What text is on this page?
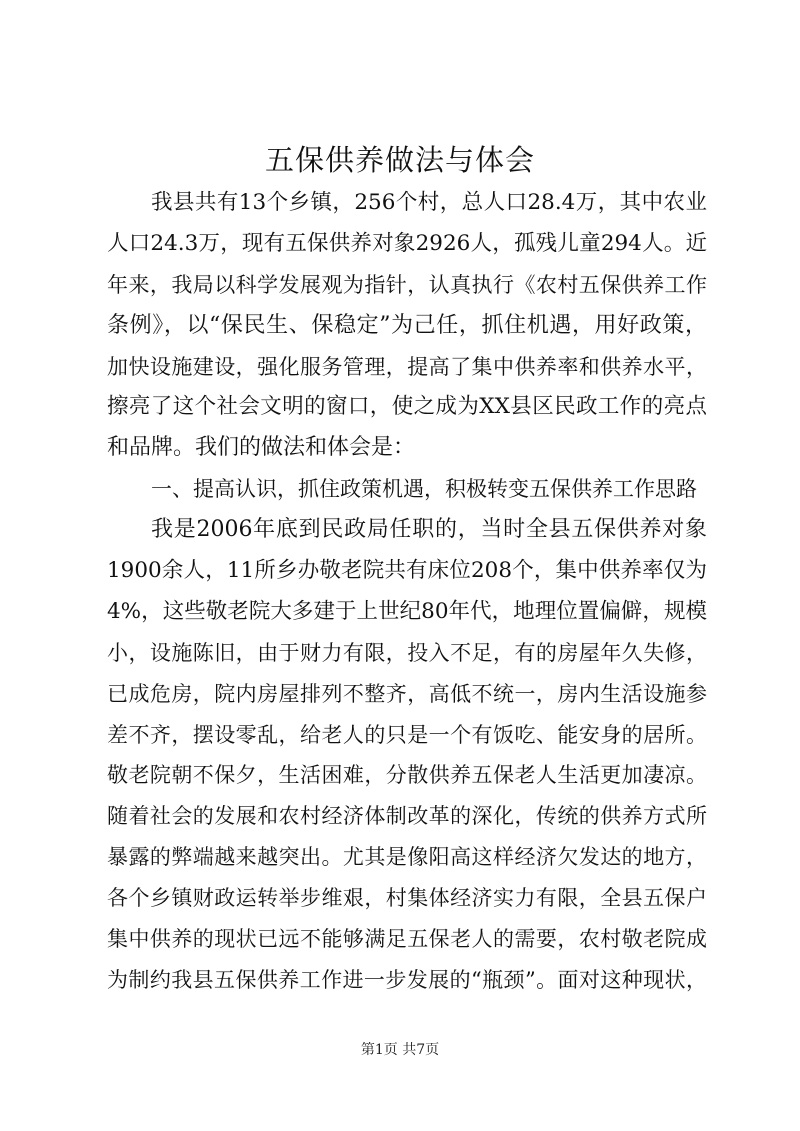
五保供养做法与体会
我县共有13个乡镇，256个村，总人口28.4万，其中农业
人口24.3万，现有五保供养对象2926人，孤残儿童294人。近
年来，我局以科学发展观为指针，认真执行《农村五保供养工作
条例》，以“保民生、保稳定”为己任，抓住机遇，用好政策，
加快设施建设，强化服务管理，提高了集中供养率和供养水平，
擦亮了这个社会文明的窗口，使之成为XX县区民政工作的亮点
和品牌。我们的做法和体会是：
一、提高认识，抓住政策机遇，积极转变五保供养工作思路
我是2006年底到民政局任职的，当时全县五保供养对象
1900余人，11所乡办敬老院共有床位208个，集中供养率仅为
4%，这些敬老院大多建于上世纪80年代，地理位置偏僻，规模
小，设施陈旧，由于财力有限，投入不足，有的房屋年久失修，
已成危房，院内房屋排列不整齐，高低不统一，房内生活设施参
差不齐，摆设零乱，给老人的只是一个有饭吃、能安身的居所。
敬老院朝不保夕，生活困难，分散供养五保老人生活更加凄凉。
随着社会的发展和农村经济体制改革的深化，传统的供养方式所
暴露的弊端越来越突出。尤其是像阳高这样经济欠发达的地方，
各个乡镇财政运转举步维艰，村集体经济实力有限，全县五保户
集中供养的现状已远不能够满足五保老人的需要，农村敬老院成
为制约我县五保供养工作进一步发展的“瓶颈”。面对这种现状，
第1页 共7页
